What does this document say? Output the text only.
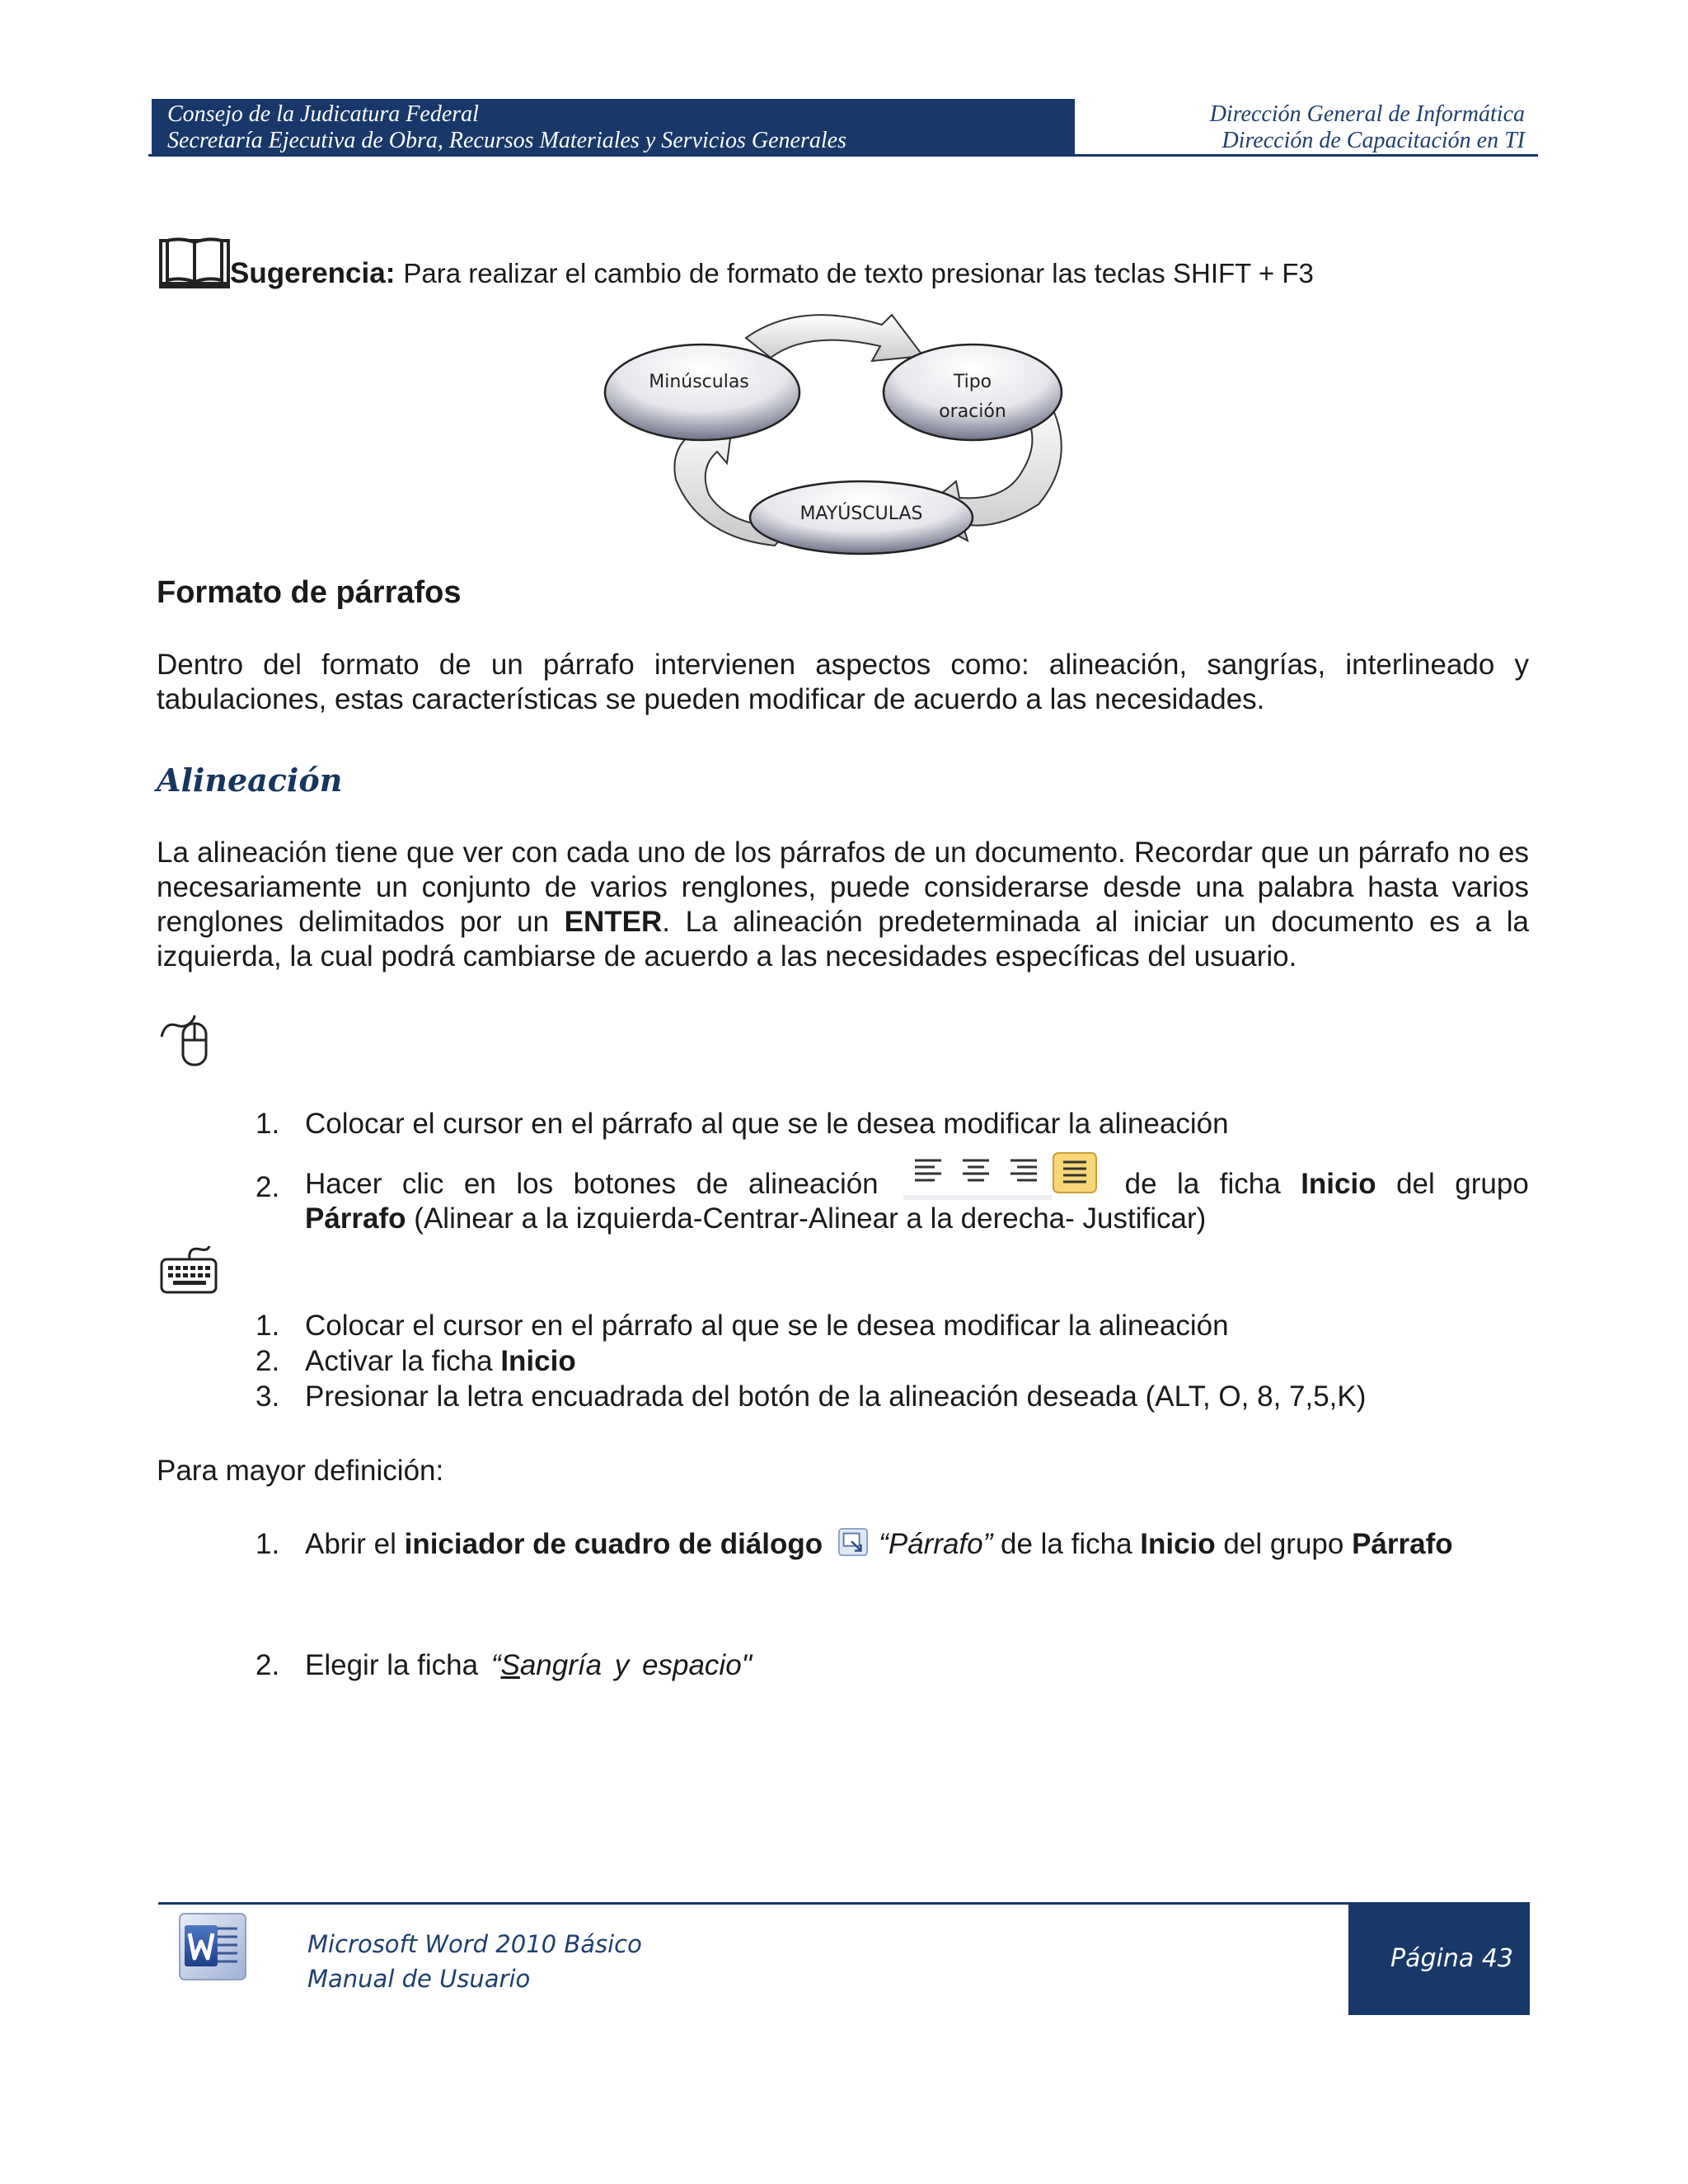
Consejo de la Judicatura Federal
Secretaría Ejecutiva de Obra, Recursos Materiales y Servicios Generales
Dirección General de Informática
Dirección de Capacitación en TI
Sugerencia: Para realizar el cambio de formato de texto presionar las teclas SHIFT + F3
Minúsculas	Tipo
oración
MAYÚSCULAS
Formato de párrafos
Dentro del formato de un párrafo intervienen aspectos como: alineación, sangrías, interlineado y tabulaciones, estas características se pueden modificar de acuerdo a las necesidades.
Alineación
La alineación tiene que ver con cada uno de los párrafos de un documento. Recordar que un párrafo no es necesariamente un conjunto de varios renglones, puede considerarse desde una palabra hasta varios renglones delimitados por un ENTER. La alineación predeterminada al iniciar un documento es a la izquierda, la cual podrá cambiarse de acuerdo a las necesidades específicas del usuario.
1. Colocar el cursor en el párrafo al que se le desea modificar la alineación
2. Hacer clic en los botones de alineación	de la ficha Inicio del grupo
Párrafo (Alinear a la izquierda-Centrar-Alinear a la derecha- Justificar)
1. Colocar el cursor en el párrafo al que se le desea modificar la alineación
2. Activar la ficha Inicio
3. Presionar la letra encuadrada del botón de la alineación deseada (ALT, O, 8, 7,5,K)
Para mayor definición:
1. Abrir el iniciador de cuadro de diálogo “Párrafo” de la ficha Inicio del grupo Párrafo
2. Elegir la ficha “Sangría y espacio"
Microsoft Word 2010 Básico
Manual de Usuario
Página 43
